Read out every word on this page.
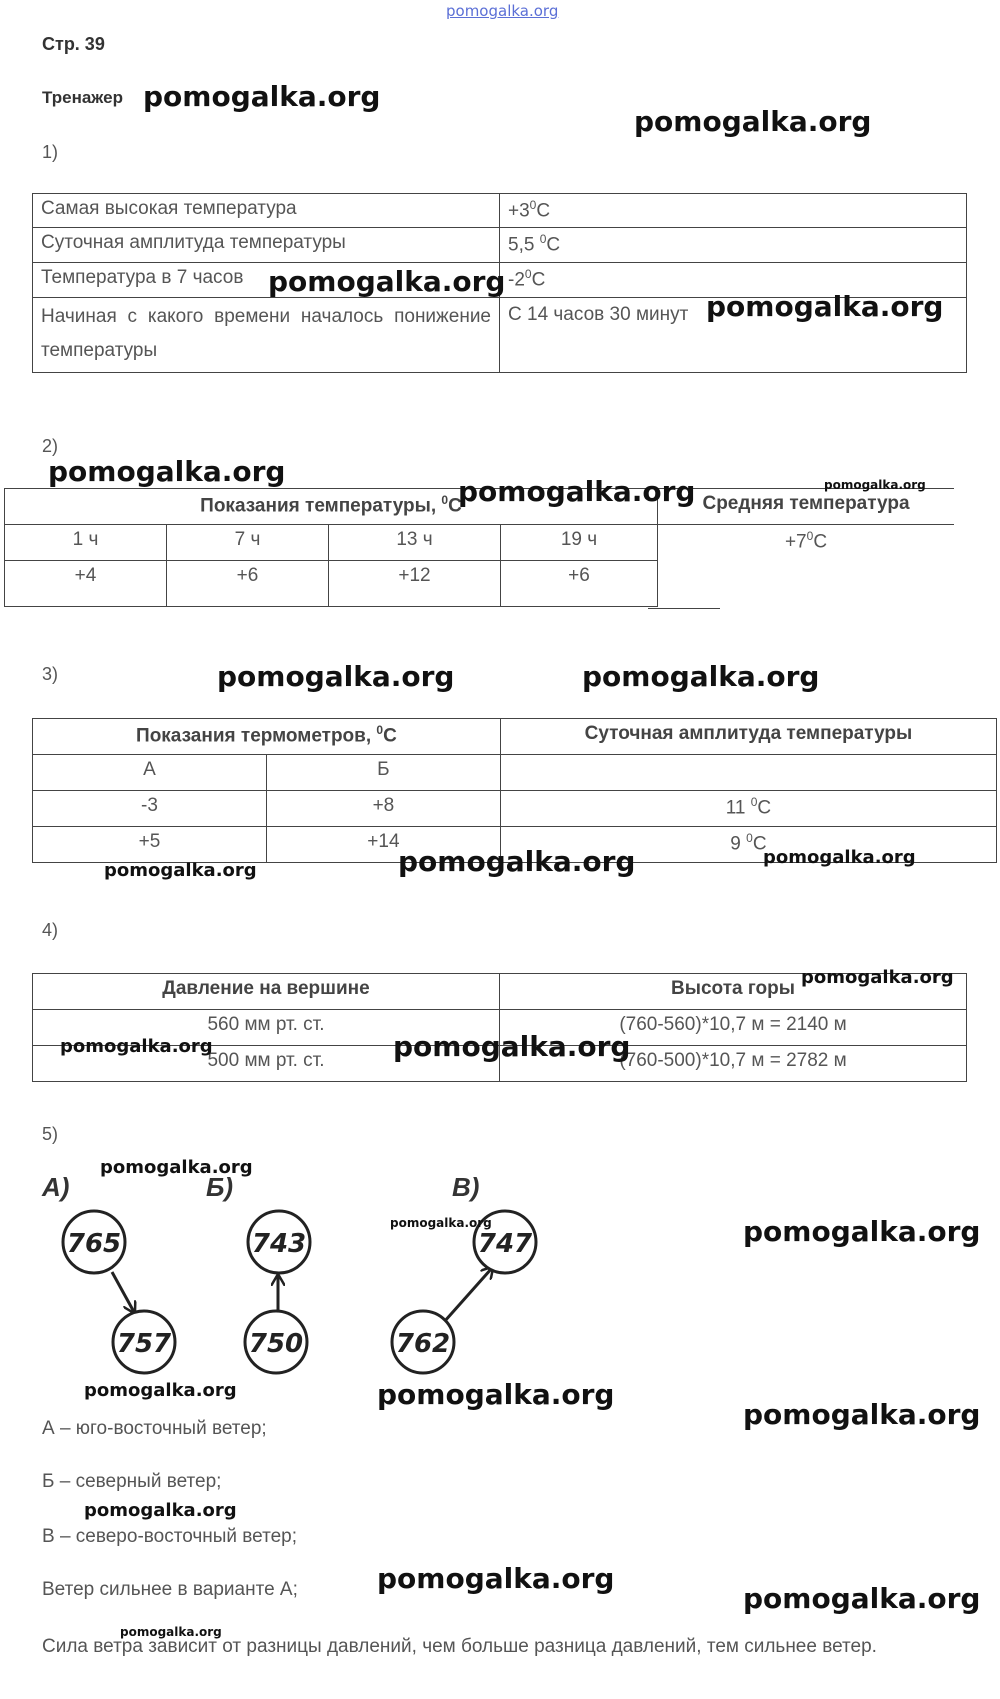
pomogalka.org
Стр. 39
Тренажер
1)
Самая высокая температура	$+3^0С$
Суточная амплитуда температуры	5,5 $^0$С
Температура в 7 часов	$-2^0С$
Начиная с какого времени началось понижение температуры	С 14 часов 30 минут
2)
Показания температуры, $^0$С				Средняя температура
1 ч	7 ч	13 ч	19 ч	$+7^0С$
+4	+6	+12	+6	
3)
Показания термометров, $^0$С		Суточная амплитуда температуры
А	Б	
-3	+8	11 $^0$С
+5	+14	9 $^0$С
4)
Давление на вершине	Высота горы
560 мм рт. ст.	(760-560)*10,7 м = 2140 м
500 мм рт. ст.	(760-500)*10,7 м = 2782 м
5)
А)	Б)	В)
765
757
743
750
747
762
А – юго-восточный ветер;
Б – северный ветер;
В – северо-восточный ветер;
Ветер сильнее в варианте А;
Сила ветра зависит от разницы давлений, чем больше разница давлений, тем сильнее ветер.
pomogalka.org
pomogalka.org
pomogalka.org
pomogalka.org
pomogalka.org
pomogalka.org	pomogalka.org
pomogalka.org	pomogalka.org
pomogalka.org	pomogalka.org	pomogalka.org
pomogalka.org
pomogalka.org	pomogalka.org
pomogalka.org
pomogalka.org	pomogalka.org
pomogalka.org	pomogalka.org
pomogalka.org
pomogalka.org
pomogalka.org
pomogalka.org
pomogalka.org
